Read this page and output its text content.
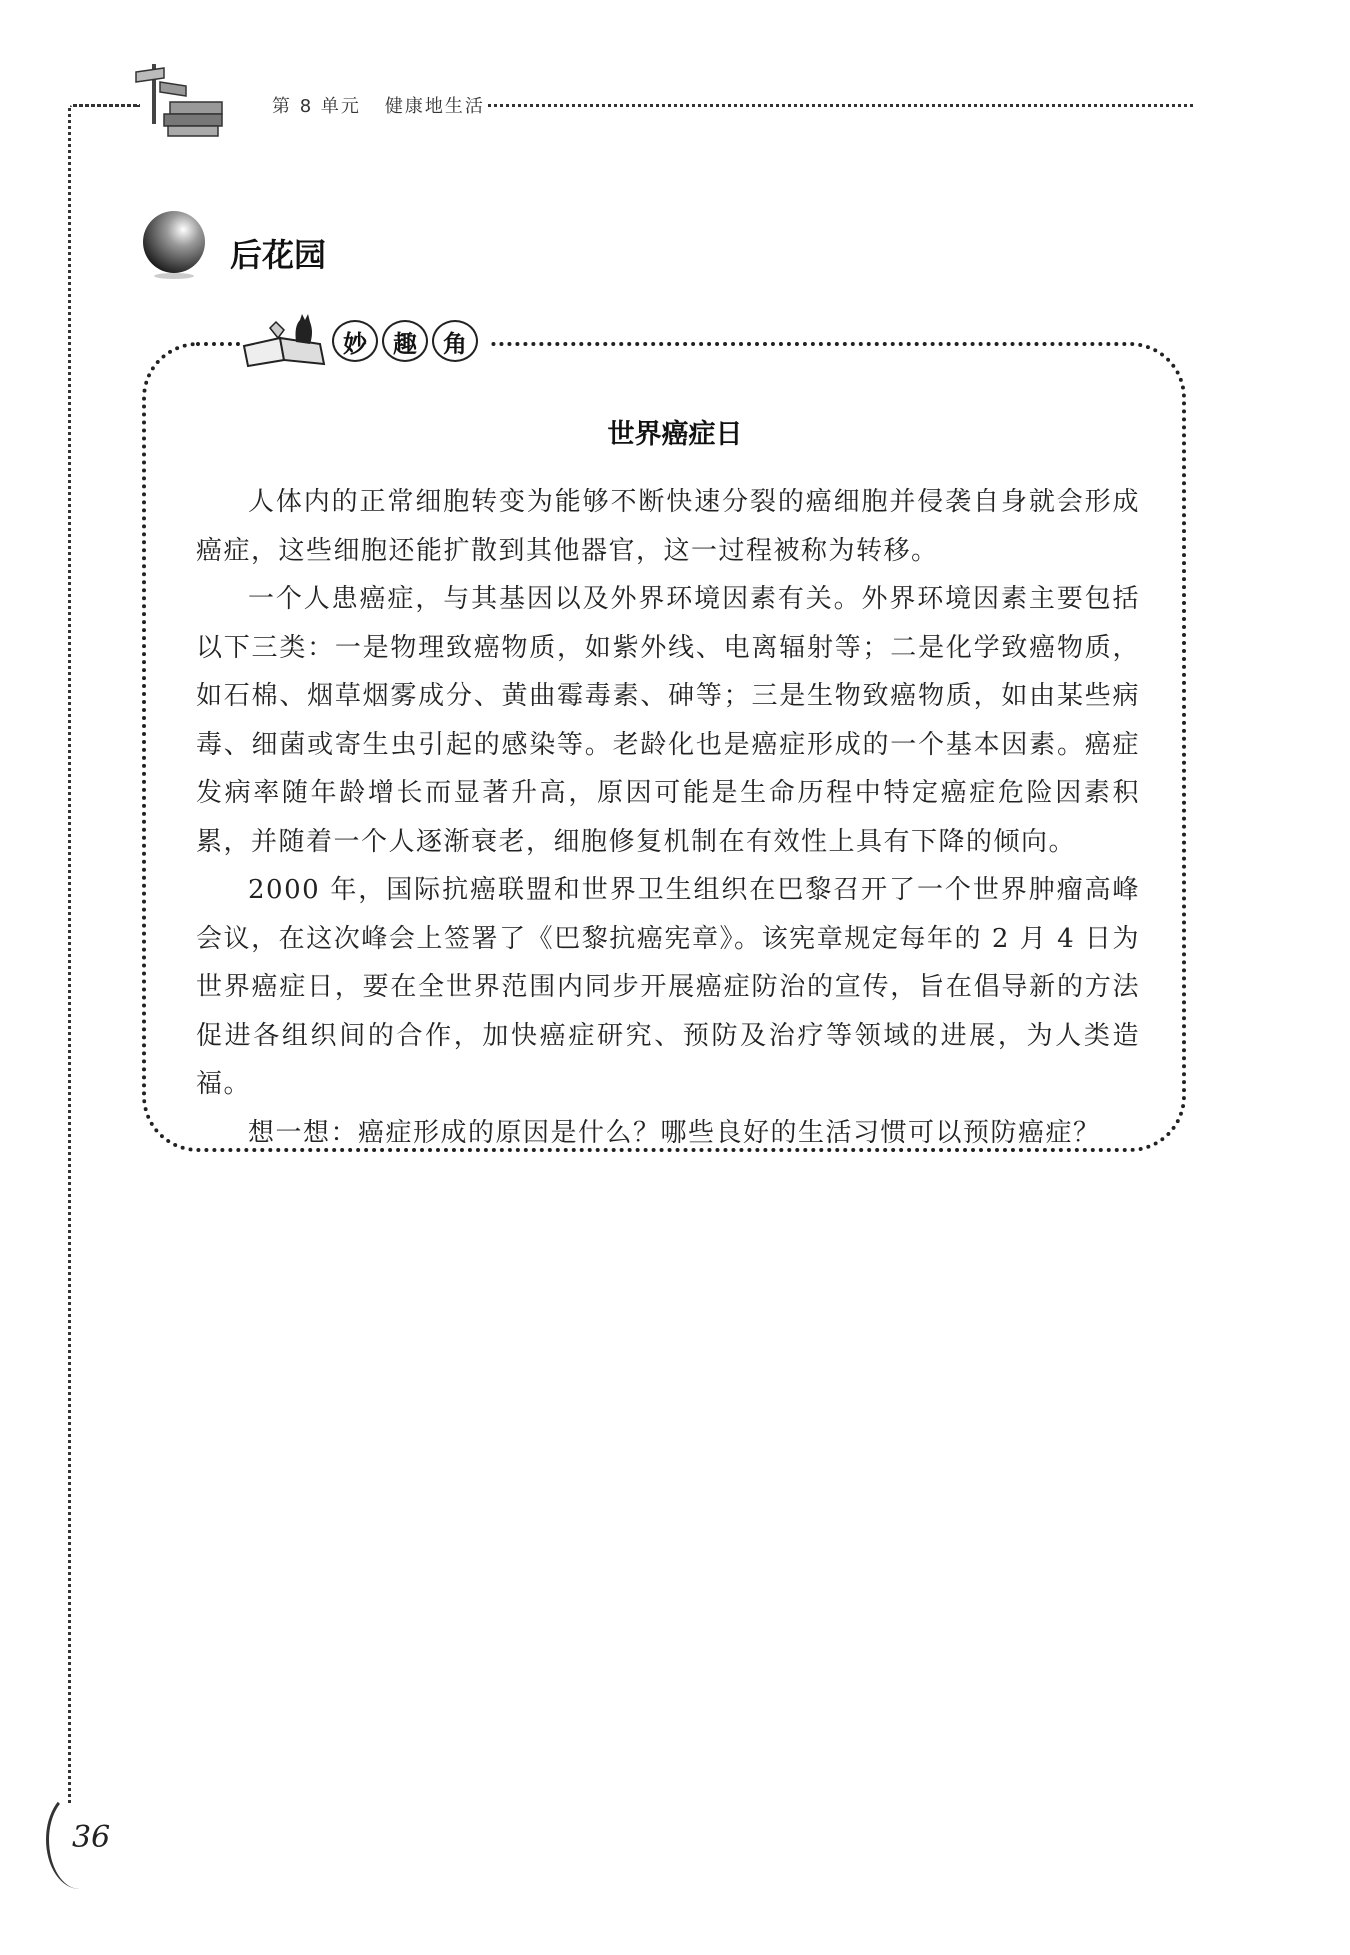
第 8 单元 健康地生活
后花园
妙	趣	角
世界癌症日

人体内的正常细胞转变为能够不断快速分裂的癌细胞并侵袭自身就会形成癌症，这些细胞还能扩散到其他器官，这一过程被称为转移。

一个人患癌症，与其基因以及外界环境因素有关。外界环境因素主要包括以下三类：一是物理致癌物质，如紫外线、电离辐射等；二是化学致癌物质，如石棉、烟草烟雾成分、黄曲霉毒素、砷等；三是生物致癌物质，如由某些病毒、细菌或寄生虫引起的感染等。老龄化也是癌症形成的一个基本因素。癌症发病率随年龄增长而显著升高，原因可能是生命历程中特定癌症危险因素积累，并随着一个人逐渐衰老，细胞修复机制在有效性上具有下降的倾向。

2000 年，国际抗癌联盟和世界卫生组织在巴黎召开了一个世界肿瘤高峰会议，在这次峰会上签署了《巴黎抗癌宪章》。该宪章规定每年的 2 月 4 日为世界癌症日，要在全世界范围内同步开展癌症防治的宣传，旨在倡导新的方法促进各组织间的合作，加快癌症研究、预防及治疗等领域的进展，为人类造福。

想一想：癌症形成的原因是什么？哪些良好的生活习惯可以预防癌症？

36
